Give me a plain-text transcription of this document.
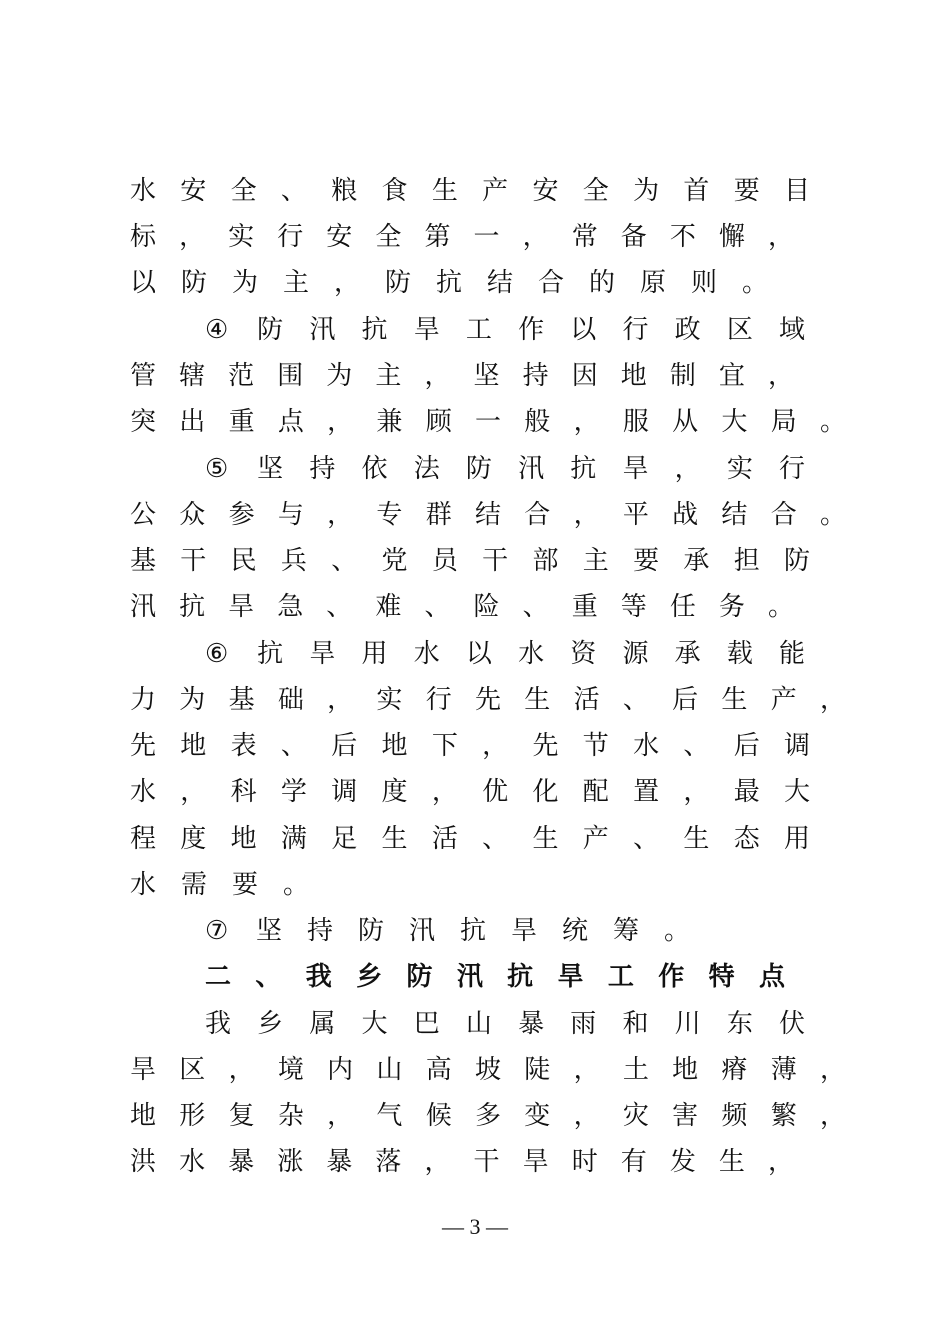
水 安 全 、 粮 食 生 产 安 全 为 首 要 目
标 ， 实 行 安 全 第 一 ， 常 备 不 懈 ，
以 防 为 主 ， 防 抗 结 合 的 原 则 。
④ 防 汛 抗 旱 工 作 以 行 政 区 域
管 辖 范 围 为 主 ， 坚 持 因 地 制 宜 ，
突 出 重 点 ， 兼 顾 一 般 ， 服 从 大 局 。
⑤ 坚 持 依 法 防 汛 抗 旱 ， 实 行
公 众 参 与 ， 专 群 结 合 ， 平 战 结 合 。
基 干 民 兵 、 党 员 干 部 主 要 承 担 防
汛 抗 旱 急 、 难 、 险 、 重 等 任 务 。
⑥ 抗 旱 用 水 以 水 资 源 承 载 能
力 为 基 础 ， 实 行 先 生 活 、 后 生 产 ，
先 地 表 、 后 地 下 ， 先 节 水 、 后 调
水 ， 科 学 调 度 ， 优 化 配 置 ， 最 大
程 度 地 满 足 生 活 、 生 产 、 生 态 用
水 需 要 。
⑦ 坚 持 防 汛 抗 旱 统 筹 。
二 、 我 乡 防 汛 抗 旱 工 作 特 点
我 乡 属 大 巴 山 暴 雨 和 川 东 伏
旱 区 ， 境 内 山 高 坡 陡 ， 土 地 瘠 薄 ，
地 形 复 杂 ， 气 候 多 变 ， 灾 害 频 繁 ，
洪 水 暴 涨 暴 落 ， 干 旱 时 有 发 生 ，
— 3 —
